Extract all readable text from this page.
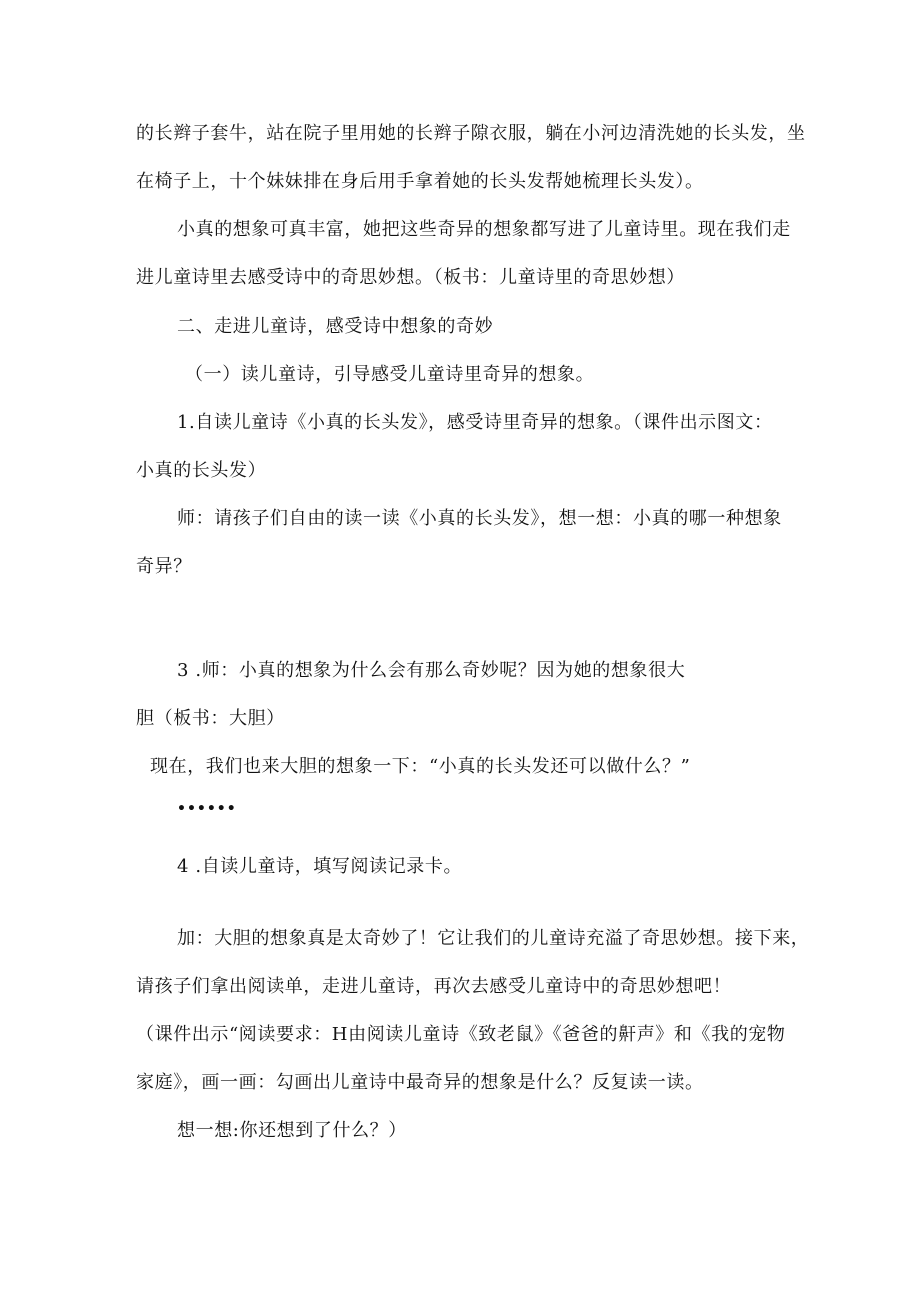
的长辫子套牛，站在院子里用她的长辫子隙衣服，躺在小河边清洗她的长头发，坐
在椅子上，十个妹妹排在身后用手拿着她的长头发帮她梳理长头发）。
小真的想象可真丰富，她把这些奇异的想象都写进了儿童诗里。现在我们走
进儿童诗里去感受诗中的奇思妙想。（板书：儿童诗里的奇思妙想）
二、走进儿童诗，感受诗中想象的奇妙
（一）读儿童诗，引导感受儿童诗里奇异的想象。
1.自读儿童诗《小真的长头发》，感受诗里奇异的想象。（课件出示图文：
小真的长头发）
师：请孩子们自由的读一读《小真的长头发》，想一想：小真的哪一种想象
奇异？
3 .师：小真的想象为什么会有那么奇妙呢？因为她的想象很大
胆（板书：大胆）
现在，我们也来大胆的想象一下：“小真的长头发还可以做什么？”
••••••
4 .自读儿童诗，填写阅读记录卡。
加：大胆的想象真是太奇妙了！它让我们的儿童诗充溢了奇思妙想。接下来，
请孩子们拿出阅读单，走进儿童诗，再次去感受儿童诗中的奇思妙想吧！
（课件出示“阅读要求：H由阅读儿童诗《致老鼠》《爸爸的鼾声》和《我的宠物
家庭》，画一画：勾画出儿童诗中最奇异的想象是什么？反复读一读。
想一想:你还想到了什么？）
